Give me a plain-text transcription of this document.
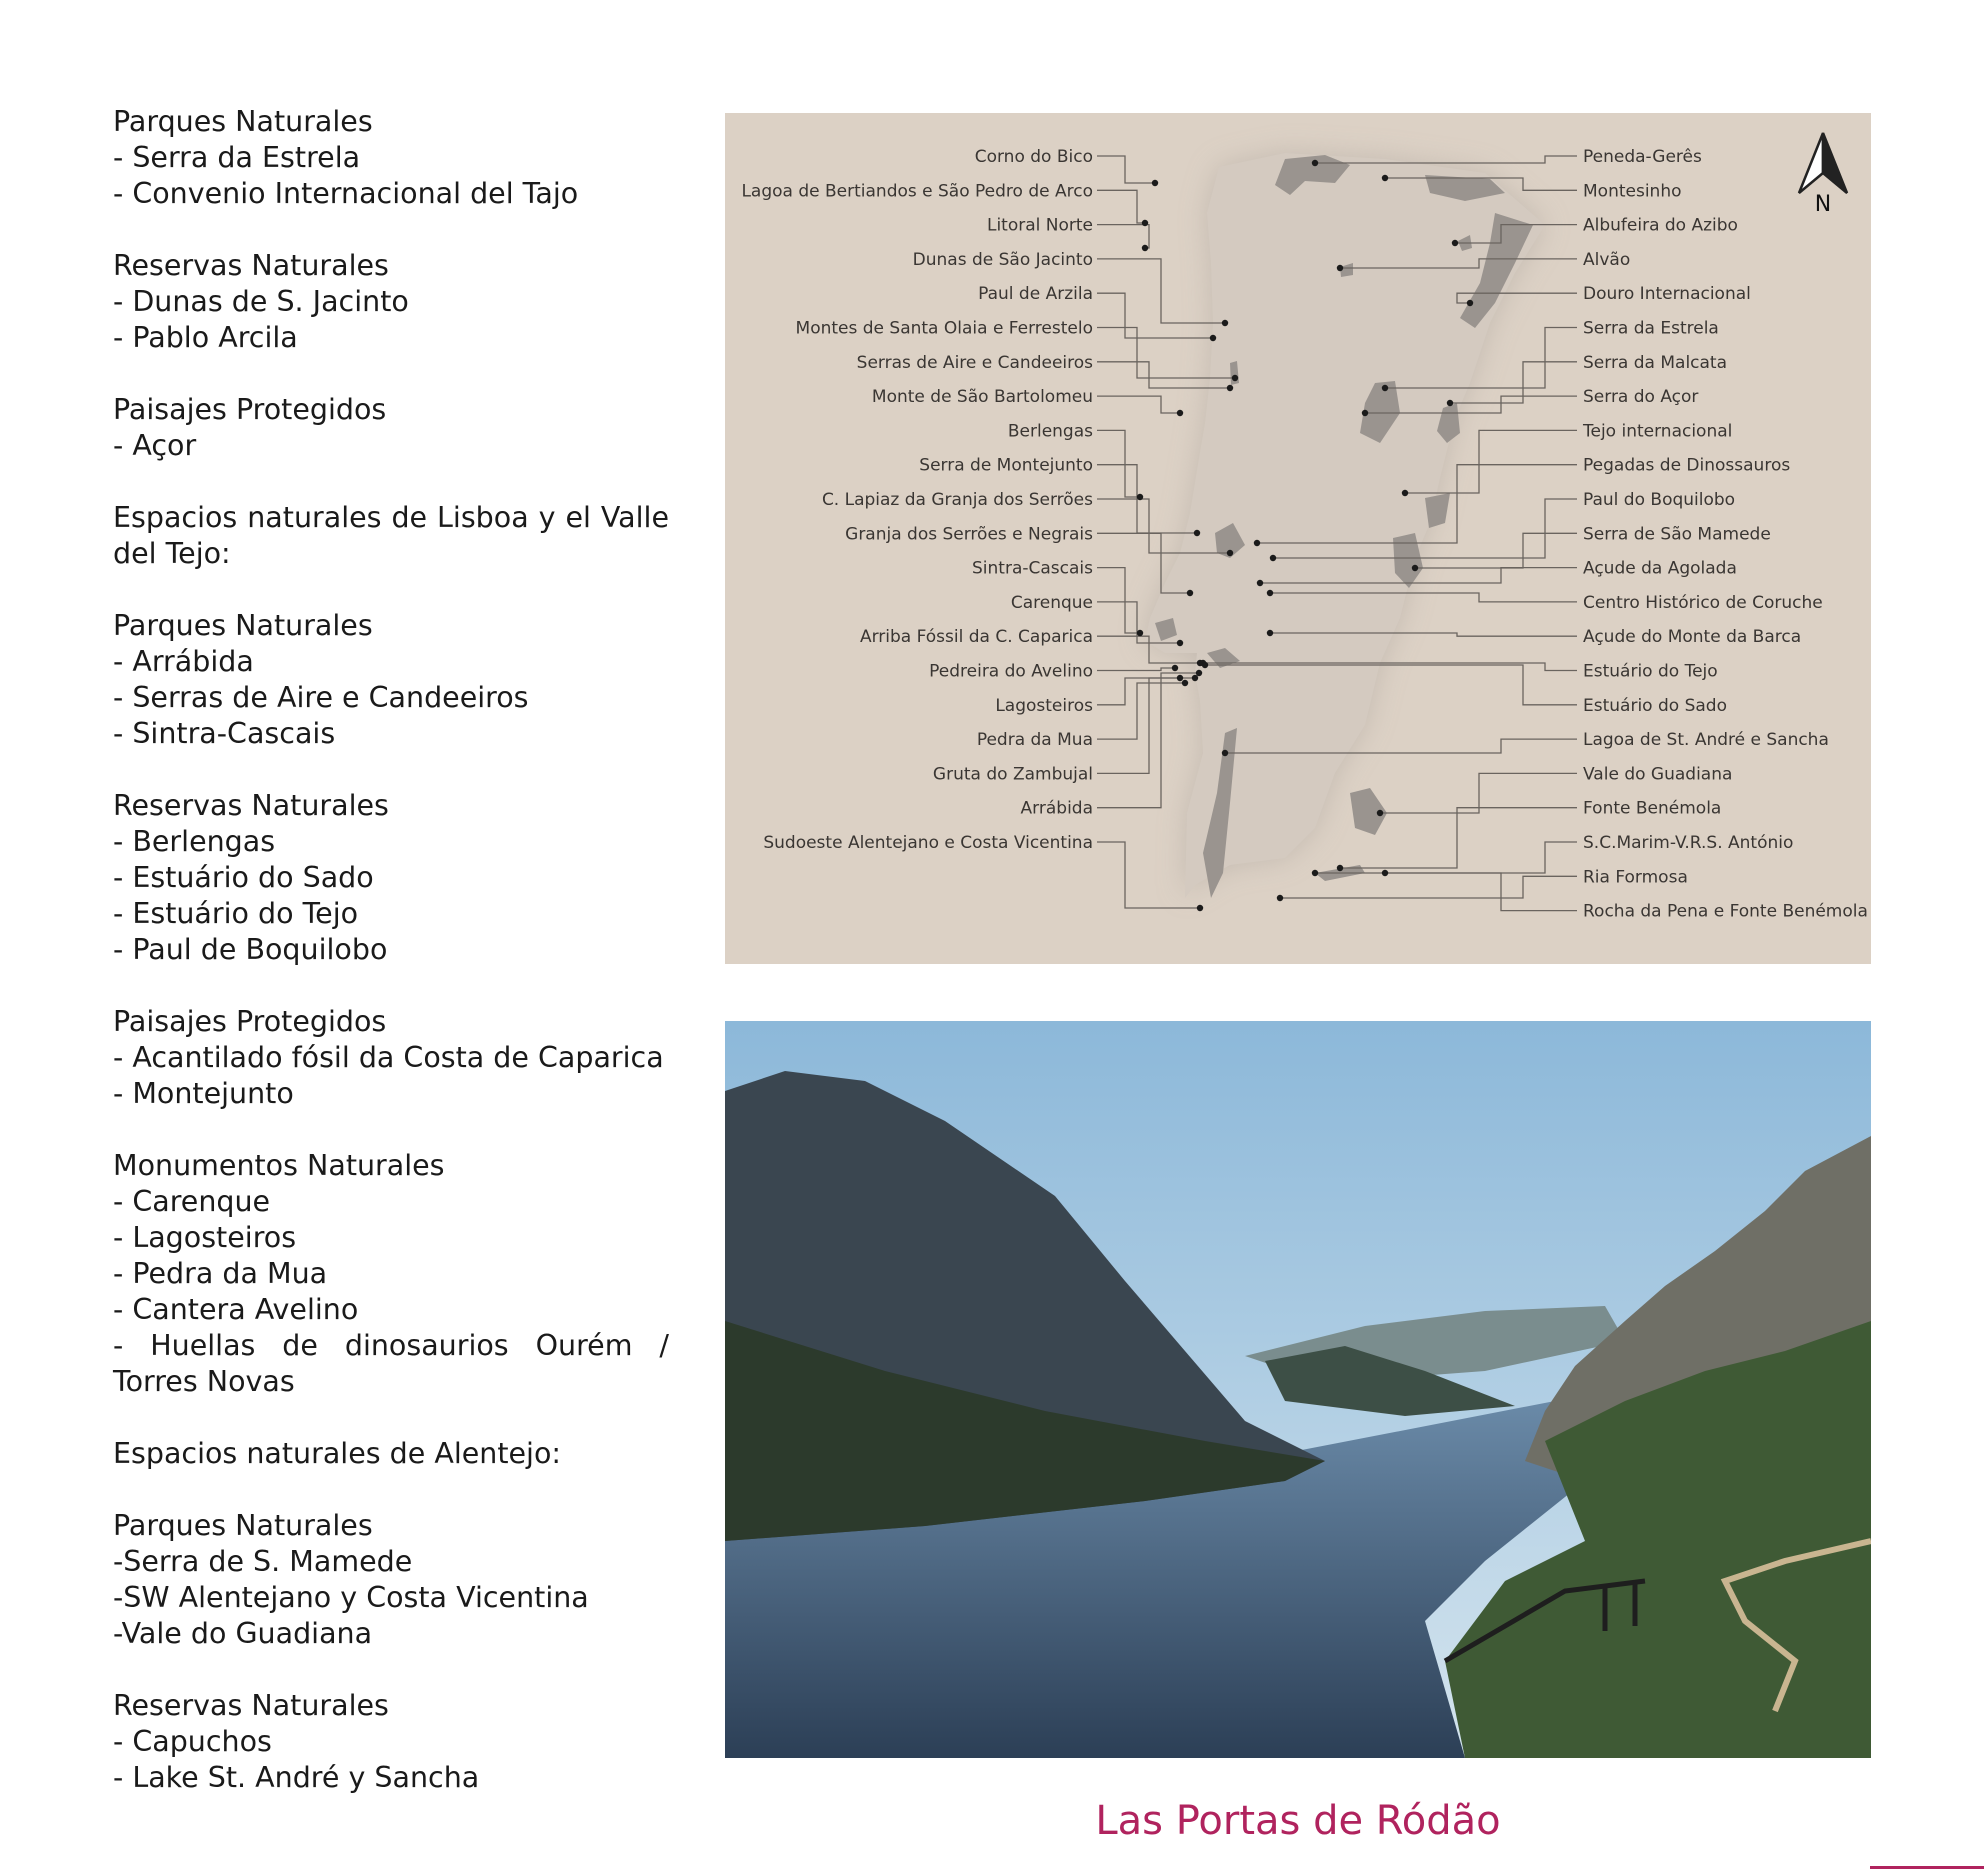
Parques Naturales
- Serra da Estrela
- Convenio Internacional del Tajo
Reservas Naturales
- Dunas de S. Jacinto
- Pablo Arcila
Paisajes Protegidos
- Açor
Espacios naturales de Lisboa y el Valle del Tejo:
Parques Naturales
- Arrábida
- Serras de Aire e Candeeiros
- Sintra-Cascais
Reservas Naturales
- Berlengas
- Estuário do Sado
- Estuário do Tejo
- Paul de Boquilobo
Paisajes Protegidos
- Acantilado fósil da Costa de Caparica
- Montejunto
Monumentos Naturales
- Carenque
- Lagosteiros
- Pedra da Mua
- Cantera Avelino
- Huellas de dinosaurios Ourém / Torres Novas
Espacios naturales de Alentejo:
Parques Naturales
-Serra de S. Mamede
-SW Alentejano y Costa Vicentina
-Vale do Guadiana
Reservas Naturales
- Capuchos
- Lake St. André y Sancha
Corno do Bico
Lagoa de Bertiandos e São Pedro de Arco
Litoral Norte
Dunas de São Jacinto
Paul de Arzila
Montes de Santa Olaia e Ferrestelo
Serras de Aire e Candeeiros
Monte de São Bartolomeu
Berlengas
Serra de Montejunto
C. Lapiaz da Granja dos Serrões
Granja dos Serrões e Negrais
Sintra-Cascais
Carenque
Arriba Fóssil da C. Caparica
Pedreira do Avelino
Lagosteiros
Pedra da Mua
Gruta do Zambujal
Arrábida
Sudoeste Alentejano e Costa Vicentina
Peneda-Gerês
Montesinho
Albufeira do Azibo
Alvão
Douro Internacional
Serra da Estrela
Serra da Malcata
Serra do Açor
Tejo internacional
Pegadas de Dinossauros
Paul do Boquilobo
Serra de São Mamede
Açude da Agolada
Centro Histórico de Coruche
Açude do Monte da Barca
Estuário do Tejo
Estuário do Sado
Lagoa de St. André e Sancha
Vale do Guadiana
Fonte Benémola
S.C.Marim-V.R.S. António
Ria Formosa
Rocha da Pena e Fonte Benémola
N
Las Portas de Ródão
